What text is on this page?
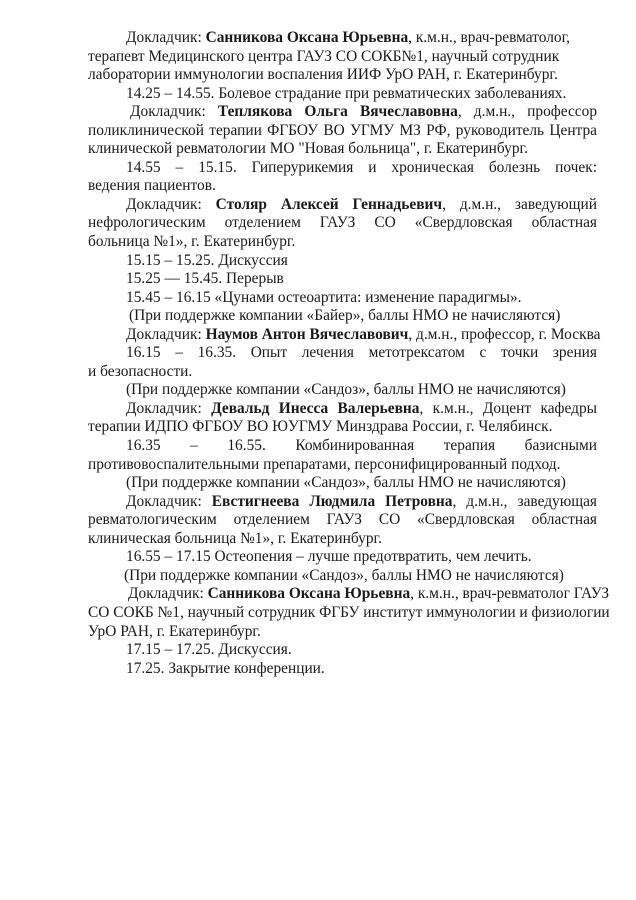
Докладчик: Санникова Оксана Юрьевна, к.м.н., врач-ревматолог,
терапевт Медицинского центра ГАУЗ СО СОКБ№1, научный сотрудник
лаборатории иммунологии воспаления ИИФ УрО РАН, г. Екатеринбург.
14.25 – 14.55. Болевое страдание при ревматических заболеваниях.
Докладчик: Теплякова Ольга Вячеславовна, д.м.н., профессор
поликлинической терапии ФГБОУ ВО УГМУ МЗ РФ, руководитель Центра
клинической ревматологии МО "Новая больница", г. Екатеринбург.
14.55 – 15.15. Гиперурикемия и хроническая болезнь почек:
ведения пациентов.
Докладчик: Столяр Алексей Геннадьевич, д.м.н., заведующий
нефрологическим отделением ГАУЗ СО «Свердловская областная
больница №1», г. Екатеринбург.
15.15 – 15.25. Дискуссия
15.25 — 15.45. Перерыв
15.45 – 16.15 «Цунами остеоартита: изменение парадигмы».
(При поддержке компании «Байер», баллы НМО не начисляются)
Докладчик: Наумов Антон Вячеславович, д.м.н., профессор, г. Москва
16.15 – 16.35. Опыт лечения метотрексатом с точки зрения
и безопасности.
(При поддержке компании «Сандоз», баллы НМО не начисляются)
Докладчик: Девальд Инесса Валерьевна, к.м.н., Доцент кафедры
терапии ИДПО ФГБОУ ВО ЮУГМУ Минздрава России, г. Челябинск.
16.35 – 16.55. Комбинированная терапия базисными
противовоспалительными препаратами, персонифицированный подход.
(При поддержке компании «Сандоз», баллы НМО не начисляются)
Докладчик: Евстигнеева Людмила Петровна, д.м.н., заведующая
ревматологическим отделением ГАУЗ СО «Свердловская областная
клиническая больница №1», г. Екатеринбург.
16.55 – 17.15 Остеопения – лучше предотвратить, чем лечить.
(При поддержке компании «Сандоз», баллы НМО не начисляются)
Докладчик: Санникова Оксана Юрьевна, к.м.н., врач-ревматолог ГАУЗ
СО СОКБ №1, научный сотрудник ФГБУ институт иммунологии и физиологии
УрО РАН, г. Екатеринбург.
17.15 – 17.25. Дискуссия.
17.25. Закрытие конференции.
